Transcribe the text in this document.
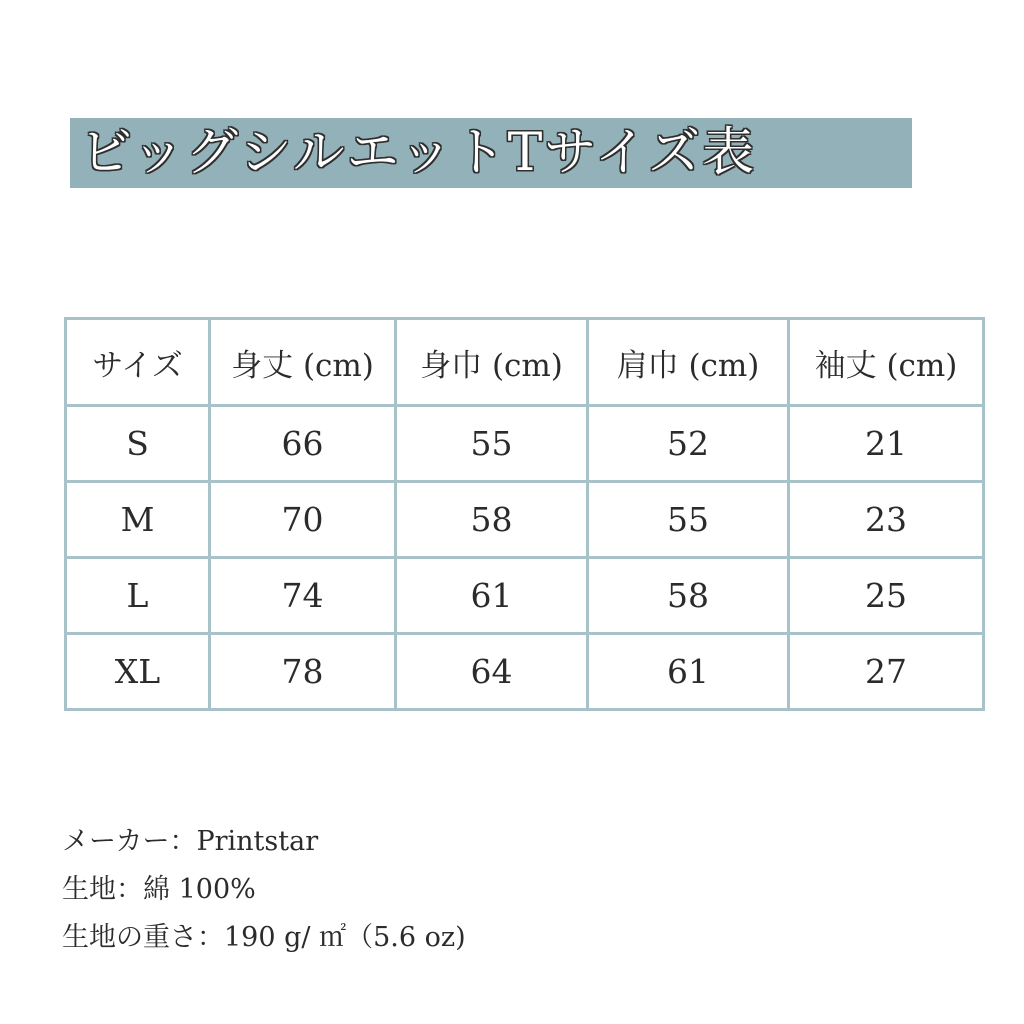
ビッグシルエットTサイズ表
サイズ	身丈 (cm)	身巾 (cm)	肩巾 (cm)	袖丈 (cm)
S	66	55	52	21
M	70	58	55	23
L	74	61	58	25
XL	78	64	61	27
メーカー：Printstar
生地：綿 100%
生地の重さ：190 g/ ㎡（5.6 oz)
